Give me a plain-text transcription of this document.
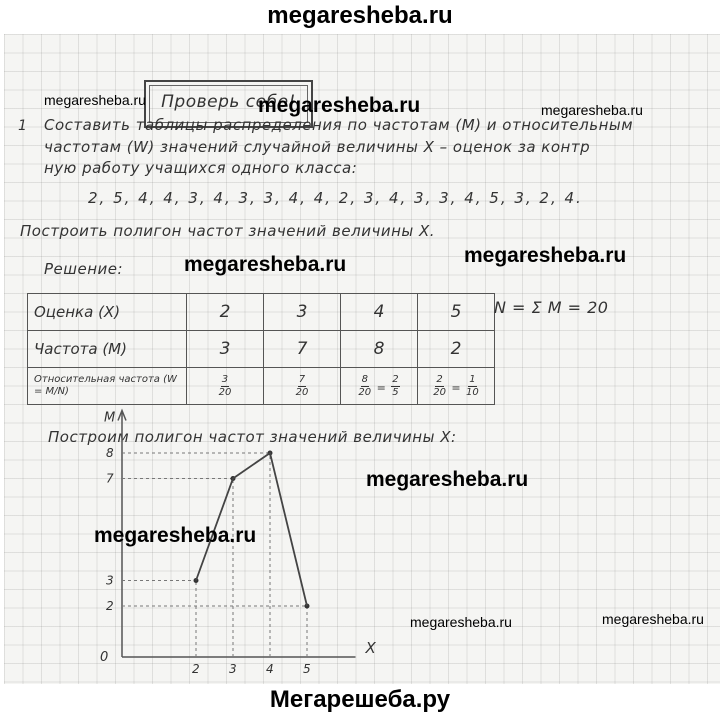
megaresheba.ru
Проверь себе!
1 Составить таблицы распределения по частотам (M) и относительным
частотам (W) значений случайной величины X – оценок за контр
ную работу учащихся одного класса:
2, 5, 4, 4, 3, 4, 3, 3, 4, 4, 2, 3, 4, 3, 3, 4, 5, 3, 2, 4.
Построить полигон частот значений величины X.
Решение:
Оценка (X)	2	3	4	5
Частота (M)	3	7	8	2
Относительная частота (W = M/N)	$\frac{3}{20}$	$\frac{7}{20}$	$\frac{8}{20} = \frac{2}{5}$	$\frac{2}{20} = \frac{1}{10}$
N = Σ M = 20
Построим полигон частот значений величины X:
M
X
0
2 3 4 5
2
3
7
8
megaresheba.ru	megaresheba.ru	megaresheba.ru
megaresheba.ru	megaresheba.ru
megaresheba.ru
megaresheba.ru
megaresheba.ru	megaresheba.ru
Мегарешеба.ру
